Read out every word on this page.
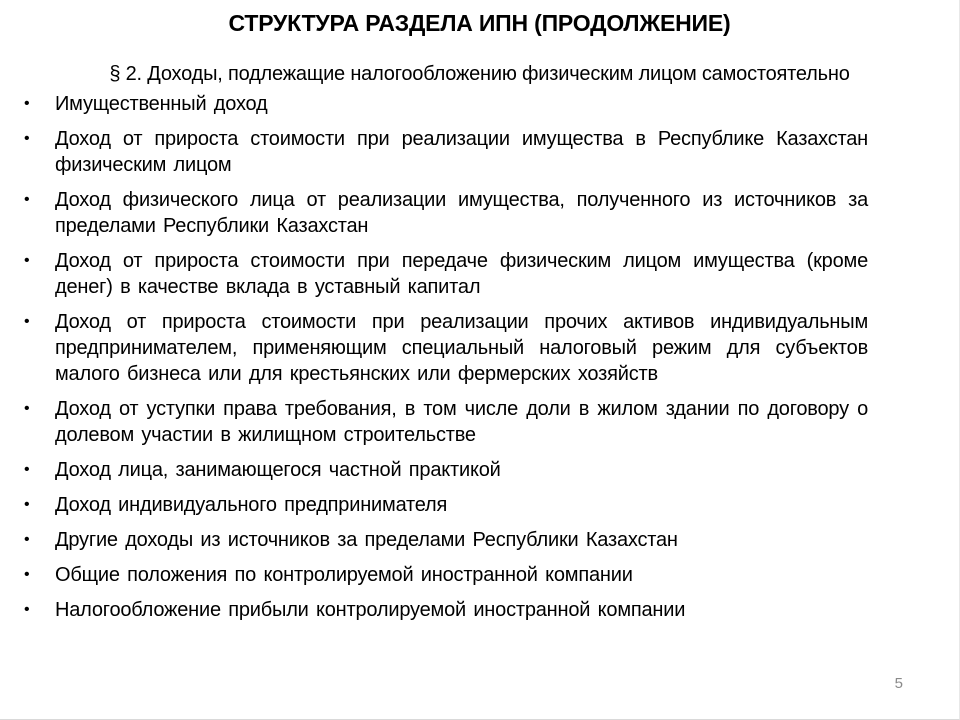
СТРУКТУРА РАЗДЕЛА ИПН (ПРОДОЛЖЕНИЕ)
§ 2. Доходы, подлежащие налогообложению физическим лицом самостоятельно
• Имущественный доход
• Доход от прироста стоимости при реализации имущества в Республике Казахстан физическим лицом
• Доход физического лица от реализации имущества, полученного из источников за пределами Республики Казахстан
• Доход от прироста стоимости при передаче физическим лицом имущества (кроме денег) в качестве вклада в уставный капитал
• Доход от прироста стоимости при реализации прочих активов индивидуальным предпринимателем, применяющим специальный налоговый режим для субъектов малого бизнеса или для крестьянских или фермерских хозяйств
• Доход от уступки права требования, в том числе доли в жилом здании по договору о долевом участии в жилищном строительстве
• Доход лица, занимающегося частной практикой
• Доход индивидуального предпринимателя
• Другие доходы из источников за пределами Республики Казахстан
• Общие положения по контролируемой иностранной компании
• Налогообложение прибыли контролируемой иностранной компании
5
